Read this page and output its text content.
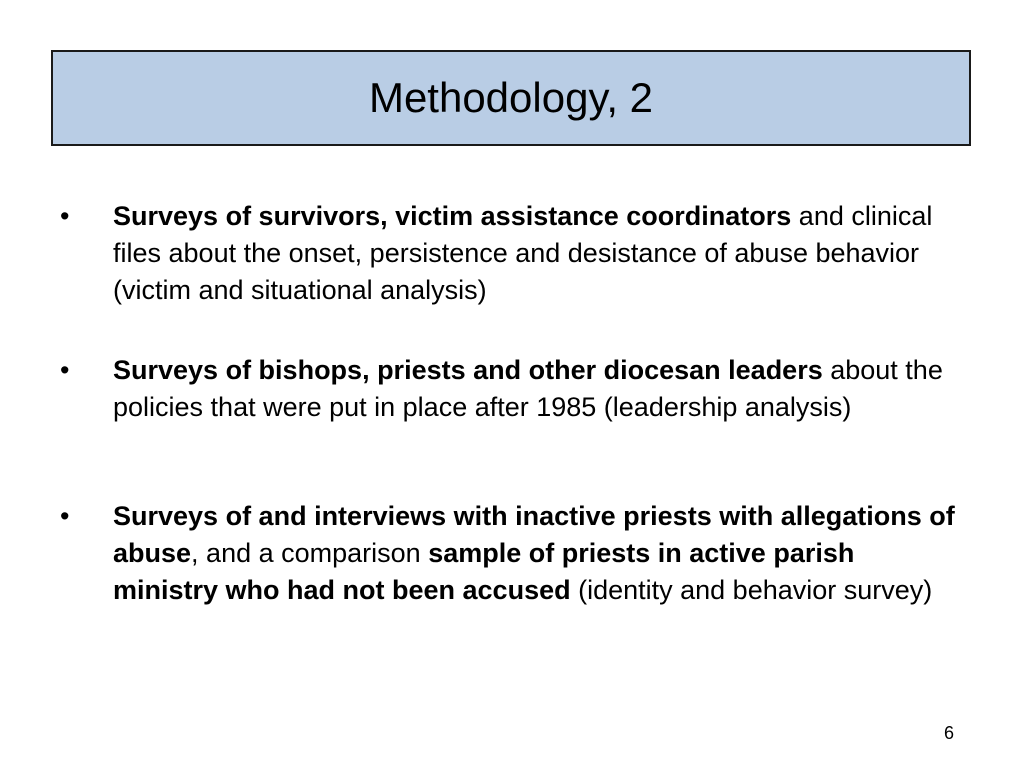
Methodology, 2
• Surveys of survivors, victim assistance coordinators and clinical files about the onset, persistence and desistance of abuse behavior (victim and situational analysis)
• Surveys of bishops, priests and other diocesan leaders about the policies that were put in place after 1985 (leadership analysis)
• Surveys of and interviews with inactive priests with allegations of abuse, and a comparison sample of priests in active parish ministry who had not been accused (identity and behavior survey)
6
